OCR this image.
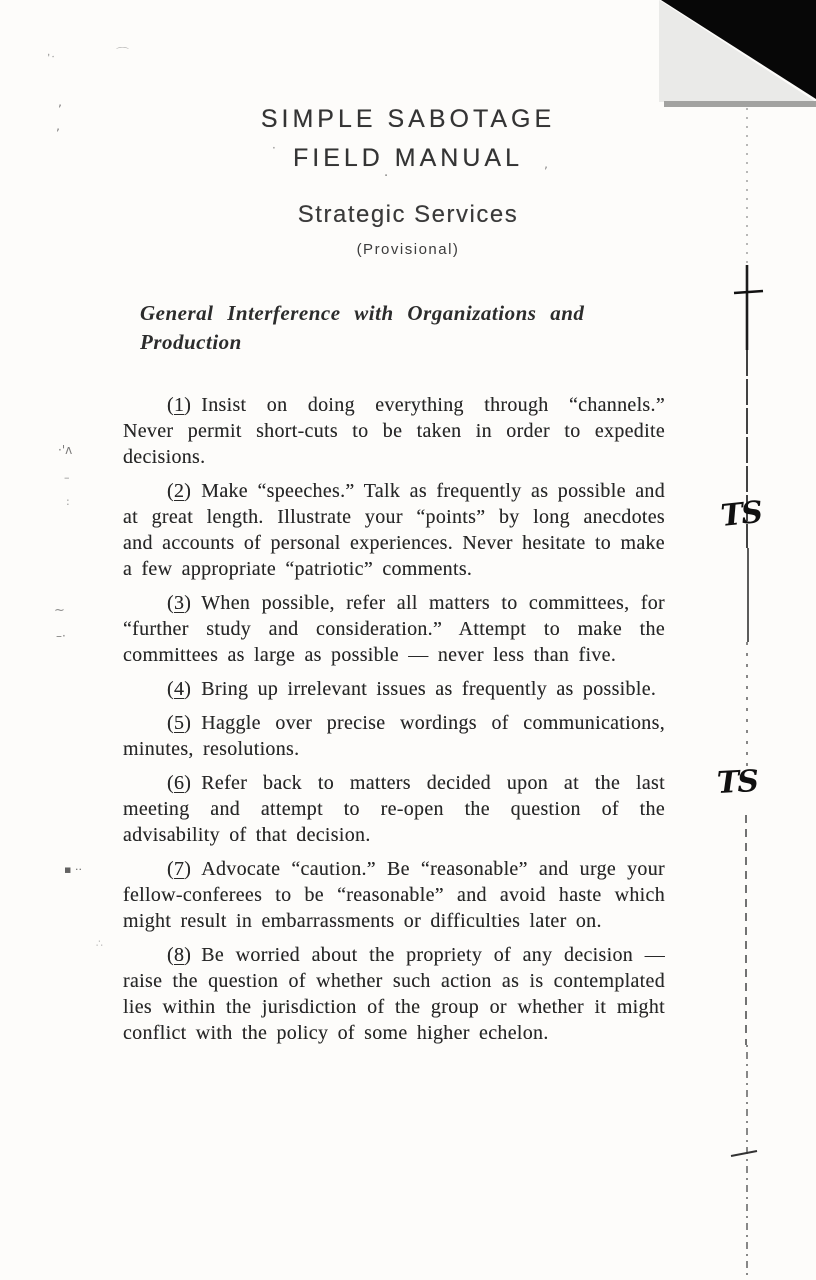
TS
TS
ʼ·	⌒
‚
‚
·'ʌ
–
:
~
–·
▪ ··
∴
‚
·
·
SIMPLE SABOTAGE
FIELD MANUAL
Strategic Services
(Provisional)
General Interference with Organizations and Production

( 1 ) Insist on doing everything through “channels.” Never permit short-cuts to be taken in order to expedite decisions.

( 2 ) Make “speeches.” Talk as frequently as possible and at great length. Illustrate your “points” by long anecdotes and accounts of personal experiences. Never hesitate to make a few appropriate “patriotic” comments.

( 3 ) When possible, refer all matters to committees, for “further study and consideration.” Attempt to make the committees as large as possible — never less than five.

( 4 ) Bring up irrelevant issues as frequently as possible.

( 5 ) Haggle over precise wordings of communications, minutes, resolutions.

( 6 ) Refer back to matters decided upon at the last meeting and attempt to re-open the question of the advisability of that decision.

( 7 ) Advocate “caution.” Be “reasonable” and urge your fellow-conferees to be “reasonable” and avoid haste which might result in embarrassments or difficulties later on.

( 8 ) Be worried about the propriety of any decision — raise the question of whether such action as is contemplated lies within the jurisdiction of the group or whether it might conflict with the policy of some higher echelon.
